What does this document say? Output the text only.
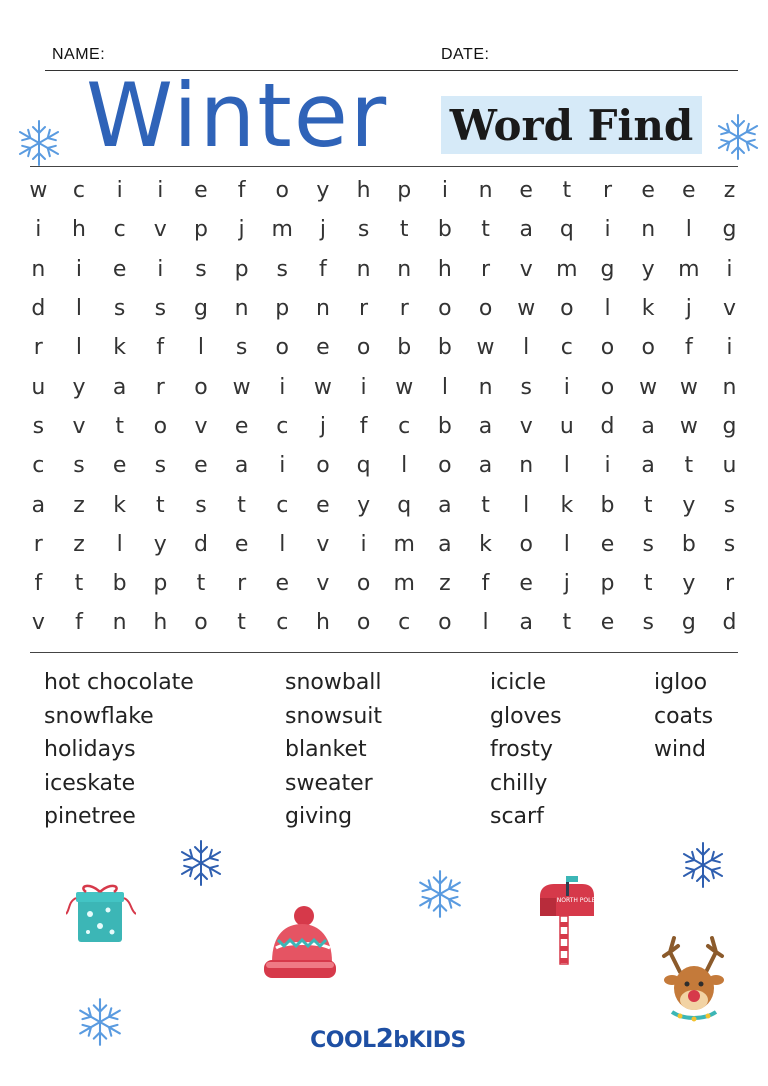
NAME:	DATE:
Winter Word Find
w	c	i	i	e	f	o	y	h	p	i	n	e	t	r	e	e	z
i	h	c	v	p	j	m	j	s	t	b	t	a	q	i	n	l	g
n	i	e	i	s	p	s	f	n	n	h	r	v	m	g	y	m	i
d	l	s	s	g	n	p	n	r	r	o	o	w	o	l	k	j	v
r	l	k	f	l	s	o	e	o	b	b	w	l	c	o	o	f	i
u	y	a	r	o	w	i	w	i	w	l	n	s	i	o	w	w	n
s	v	t	o	v	e	c	j	f	c	b	a	v	u	d	a	w	g
c	s	e	s	e	a	i	o	q	l	o	a	n	l	i	a	t	u
a	z	k	t	s	t	c	e	y	q	a	t	l	k	b	t	y	s
r	z	l	y	d	e	l	v	i	m	a	k	o	l	e	s	b	s
f	t	b	p	t	r	e	v	o	m	z	f	e	j	p	t	y	r
v	f	n	h	o	t	c	h	o	c	o	l	a	t	e	s	g	d
hot chocolate
snowflake
holidays
iceskate
pinetree
snowball
snowsuit
blanket
sweater
giving
icicle
gloves
frosty
chilly
scarf
igloo
coats
wind
NORTH POLE
COOL2bKIDS
